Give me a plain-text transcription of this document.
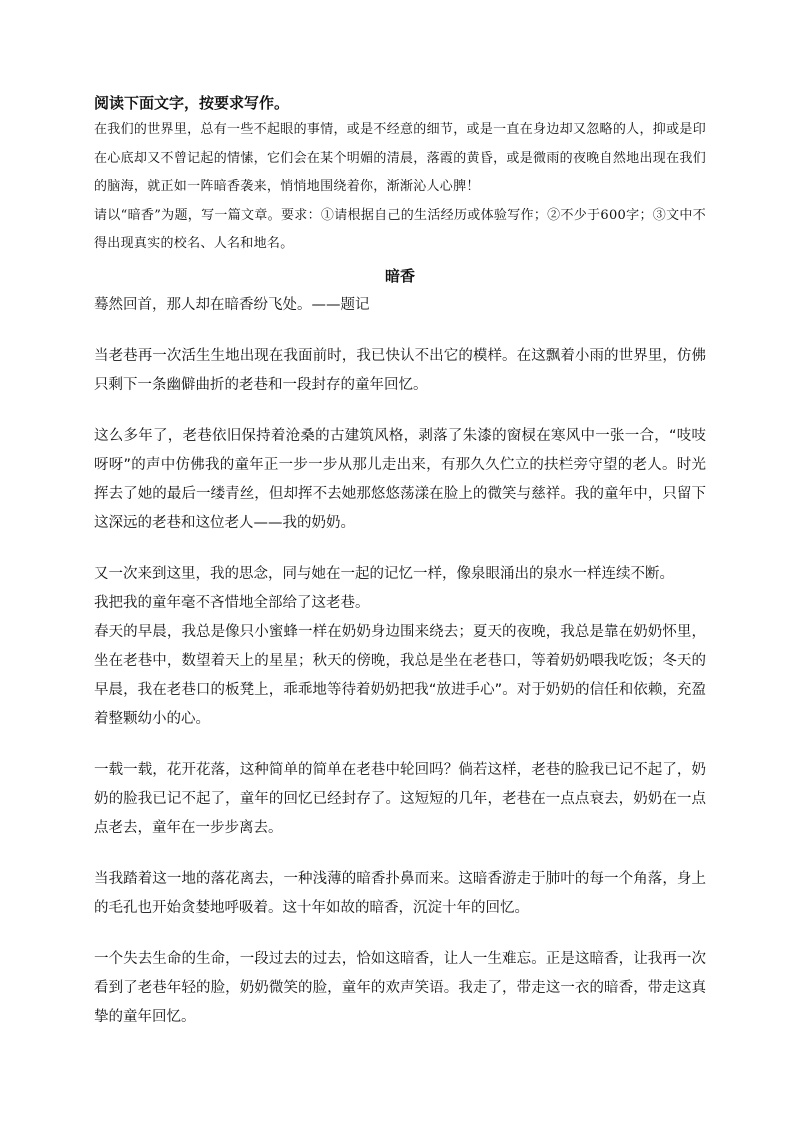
阅读下面文字，按要求写作。

在我们的世界里，总有一些不起眼的事情，或是不经意的细节，或是一直在身边却又忽略的人，抑或是印在心底却又不曾记起的情愫，它们会在某个明媚的清晨，落霞的黄昏，或是微雨的夜晚自然地出现在我们的脑海，就正如一阵暗香袭来，悄悄地围绕着你，渐渐沁人心脾！

请以“暗香”为题，写一篇文章。要求：①请根据自己的生活经历或体验写作；②不少于600字；③文中不得出现真实的校名、人名和地名。

暗香

蓦然回首，那人却在暗香纷飞处。——题记

当老巷再一次活生生地出现在我面前时，我已快认不出它的模样。在这飘着小雨的世界里，仿佛只剩下一条幽僻曲折的老巷和一段封存的童年回忆。

这么多年了，老巷依旧保持着沧桑的古建筑风格，剥落了朱漆的窗棂在寒风中一张一合，“吱吱呀呀”的声中仿佛我的童年正一步一步从那儿走出来，有那久久伫立的扶栏旁守望的老人。时光挥去了她的最后一缕青丝，但却挥不去她那悠悠荡漾在脸上的微笑与慈祥。我的童年中，只留下这深远的老巷和这位老人——我的奶奶。

又一次来到这里，我的思念，同与她在一起的记忆一样，像泉眼涌出的泉水一样连续不断。

我把我的童年毫不吝惜地全部给了这老巷。

春天的早晨，我总是像只小蜜蜂一样在奶奶身边围来绕去；夏天的夜晚，我总是靠在奶奶怀里，坐在老巷中，数望着天上的星星；秋天的傍晚，我总是坐在老巷口，等着奶奶喂我吃饭；冬天的早晨，我在老巷口的板凳上，乖乖地等待着奶奶把我“放进手心”。对于奶奶的信任和依赖，充盈着整颗幼小的心。

一载一载，花开花落，这种简单的简单在老巷中轮回吗？倘若这样，老巷的脸我已记不起了，奶奶的脸我已记不起了，童年的回忆已经封存了。这短短的几年，老巷在一点点衰去，奶奶在一点点老去，童年在一步步离去。

当我踏着这一地的落花离去，一种浅薄的暗香扑鼻而来。这暗香游走于肺叶的每一个角落，身上的毛孔也开始贪婪地呼吸着。这十年如故的暗香，沉淀十年的回忆。

一个失去生命的生命，一段过去的过去，恰如这暗香，让人一生难忘。正是这暗香，让我再一次看到了老巷年轻的脸，奶奶微笑的脸，童年的欢声笑语。我走了，带走这一衣的暗香，带走这真挚的童年回忆。
